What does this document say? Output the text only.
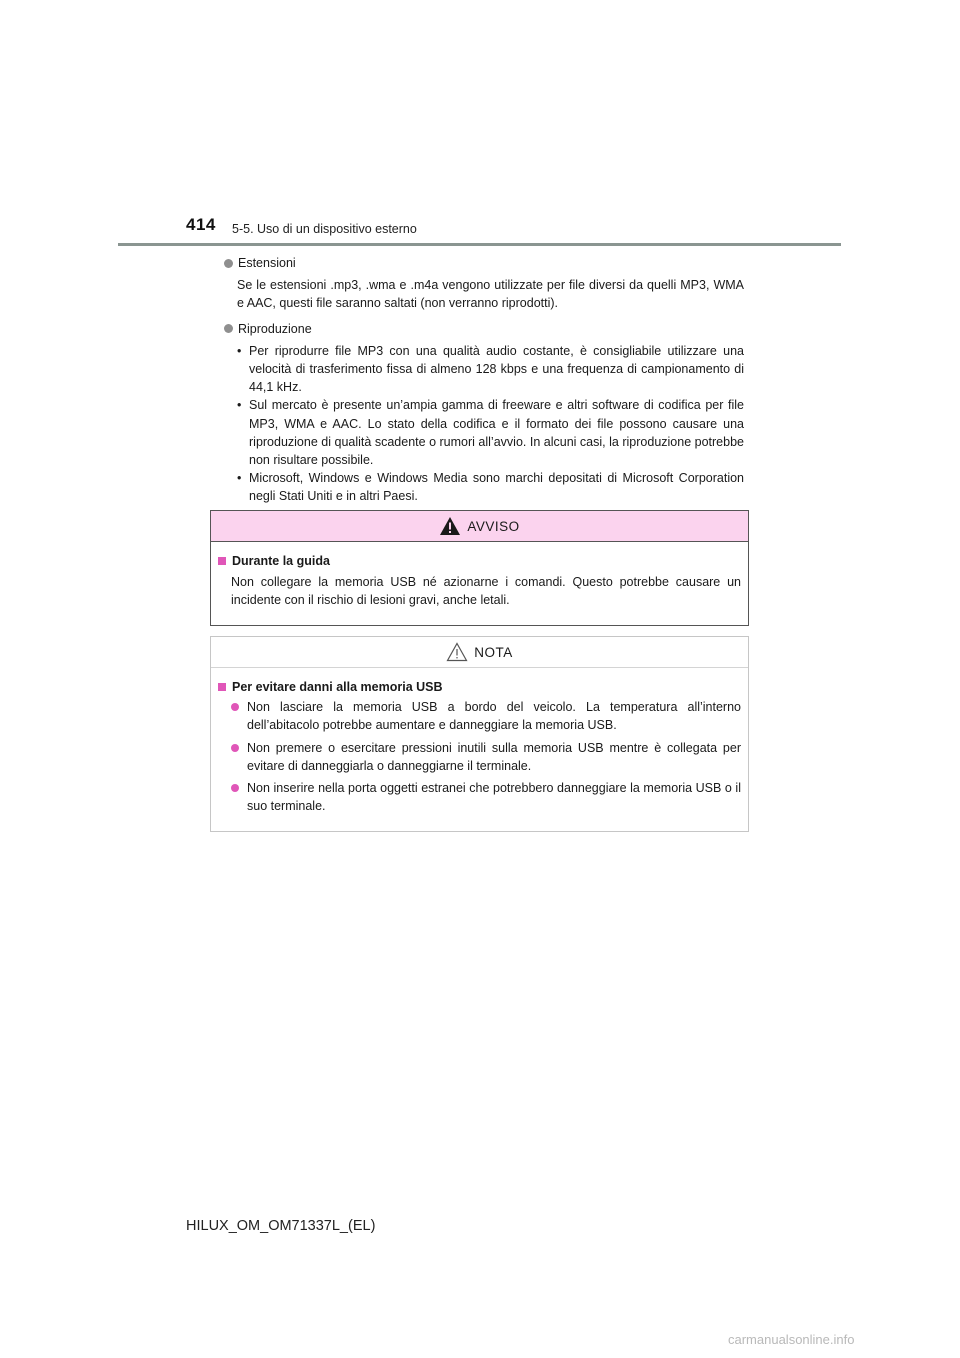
414 5-5. Uso di un dispositivo esterno

Estensioni

Se le estensioni .mp3, .wma e .m4a vengono utilizzate per file diversi da quelli MP3, WMA e AAC, questi file saranno saltati (non verranno riprodotti).

Riproduzione

• Per riprodurre file MP3 con una qualità audio costante, è consigliabile utilizzare una velocità di trasferimento fissa di almeno 128 kbps e una frequenza di campionamento di 44,1 kHz.
• Sul mercato è presente un’ampia gamma di freeware e altri software di codifica per file MP3, WMA e AAC. Lo stato della codifica e il formato dei file possono causare una riproduzione di qualità scadente o rumori all’avvio. In alcuni casi, la riproduzione potrebbe non risultare possibile.
• Microsoft, Windows e Windows Media sono marchi depositati di Microsoft Corporation negli Stati Uniti e in altri Paesi.
AVVISO
Durante la guida

Non collegare la memoria USB né azionarne i comandi. Questo potrebbe causare un incidente con il rischio di lesioni gravi, anche letali.

NOTA
Per evitare danni alla memoria USB
Non lasciare la memoria USB a bordo del veicolo. La temperatura all’interno dell’abitacolo potrebbe aumentare e danneggiare la memoria USB.
Non premere o esercitare pressioni inutili sulla memoria USB mentre è collegata per evitare di danneggiarla o danneggiarne il terminale.
Non inserire nella porta oggetti estranei che potrebbero danneggiare la memoria USB o il suo terminale.
HILUX_OM_OM71337L_(EL)
carmanualsonline.info
